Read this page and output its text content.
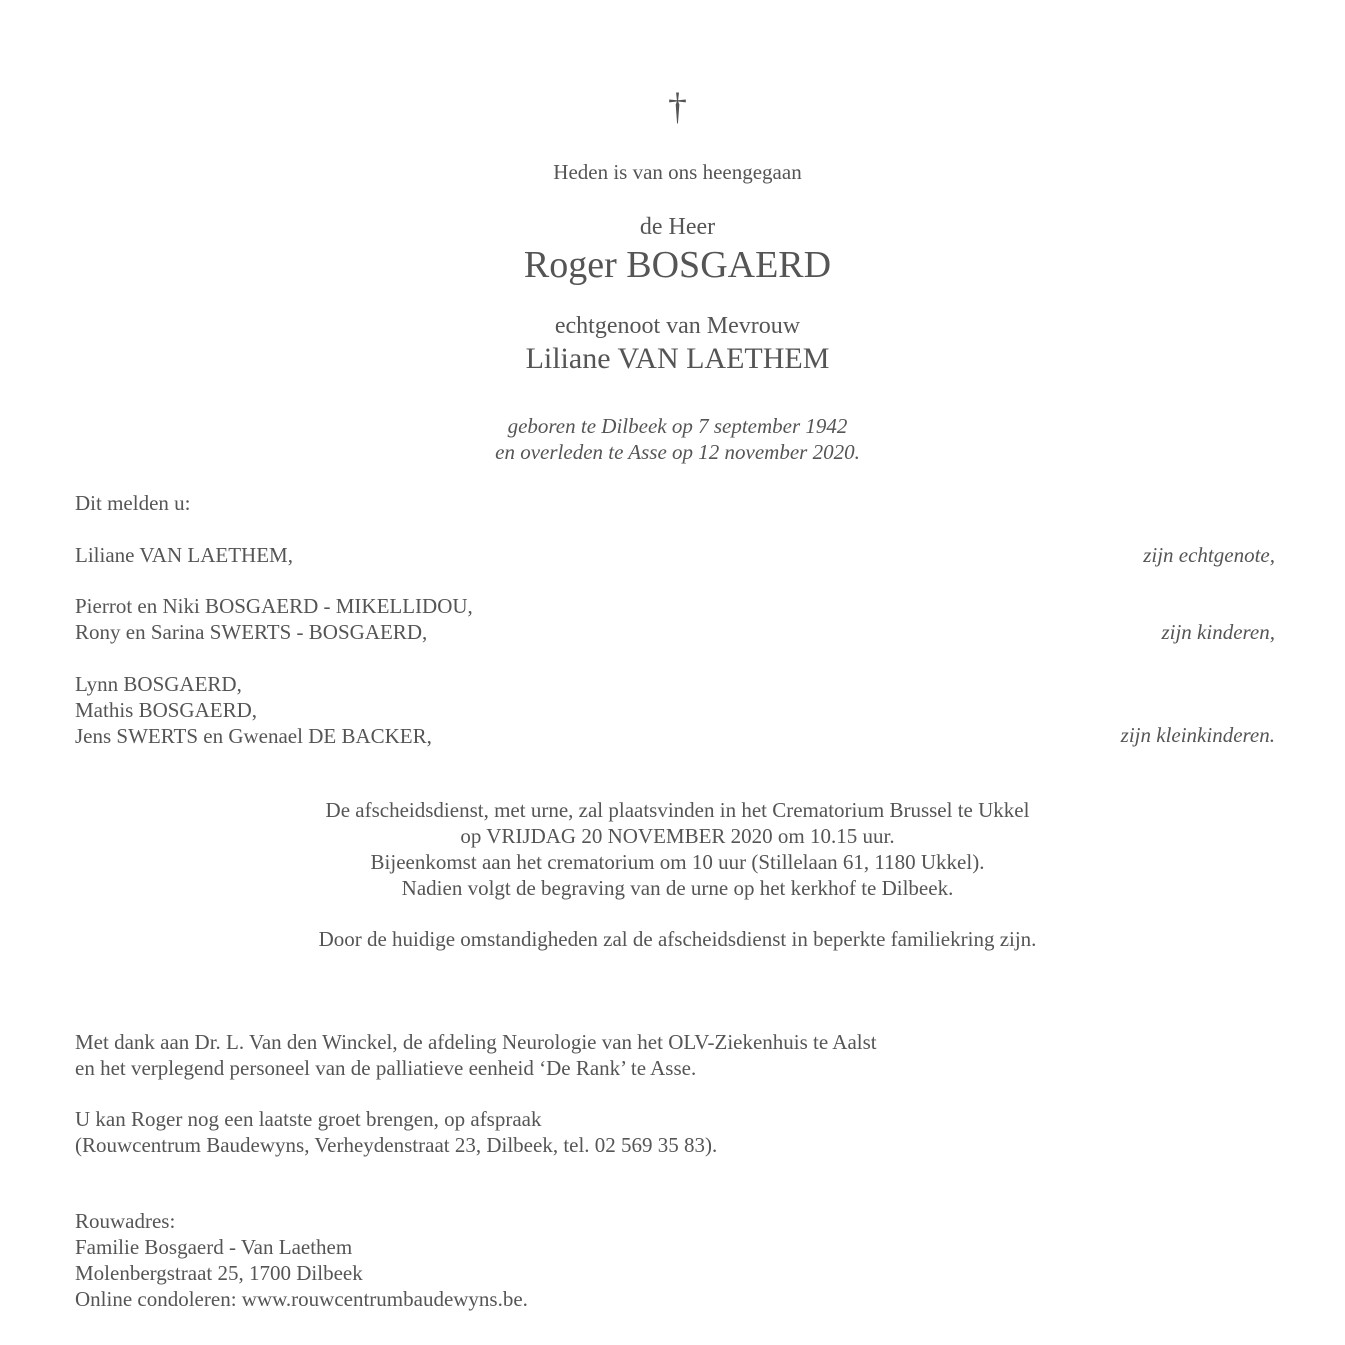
†
Heden is van ons heengegaan
de Heer
Roger BOSGAERD
echtgenoot van Mevrouw
Liliane VAN LAETHEM
geboren te Dilbeek op 7 september 1942
en overleden te Asse op 12 november 2020.
Dit melden u:
Liliane VAN LAETHEM,	zijn echtgenote,
Pierrot en Niki BOSGAERD - MIKELLIDOU,
Rony en Sarina SWERTS - BOSGAERD,	zijn kinderen,
Lynn BOSGAERD,
Mathis BOSGAERD,
Jens SWERTS en Gwenael DE BACKER,	zijn kleinkinderen.
De afscheidsdienst, met urne, zal plaatsvinden in het Crematorium Brussel te Ukkel
op VRIJDAG 20 NOVEMBER 2020 om 10.15 uur.
Bijeenkomst aan het crematorium om 10 uur (Stillelaan 61, 1180 Ukkel).
Nadien volgt de begraving van de urne op het kerkhof te Dilbeek.
Door de huidige omstandigheden zal de afscheidsdienst in beperkte familiekring zijn.
Met dank aan Dr. L. Van den Winckel, de afdeling Neurologie van het OLV-Ziekenhuis te Aalst
en het verplegend personeel van de palliatieve eenheid ‘De Rank’ te Asse.
U kan Roger nog een laatste groet brengen, op afspraak
(Rouwcentrum Baudewyns, Verheydenstraat 23, Dilbeek, tel. 02 569 35 83).
Rouwadres:
Familie Bosgaerd - Van Laethem
Molenbergstraat 25, 1700 Dilbeek
Online condoleren: www.rouwcentrumbaudewyns.be.
